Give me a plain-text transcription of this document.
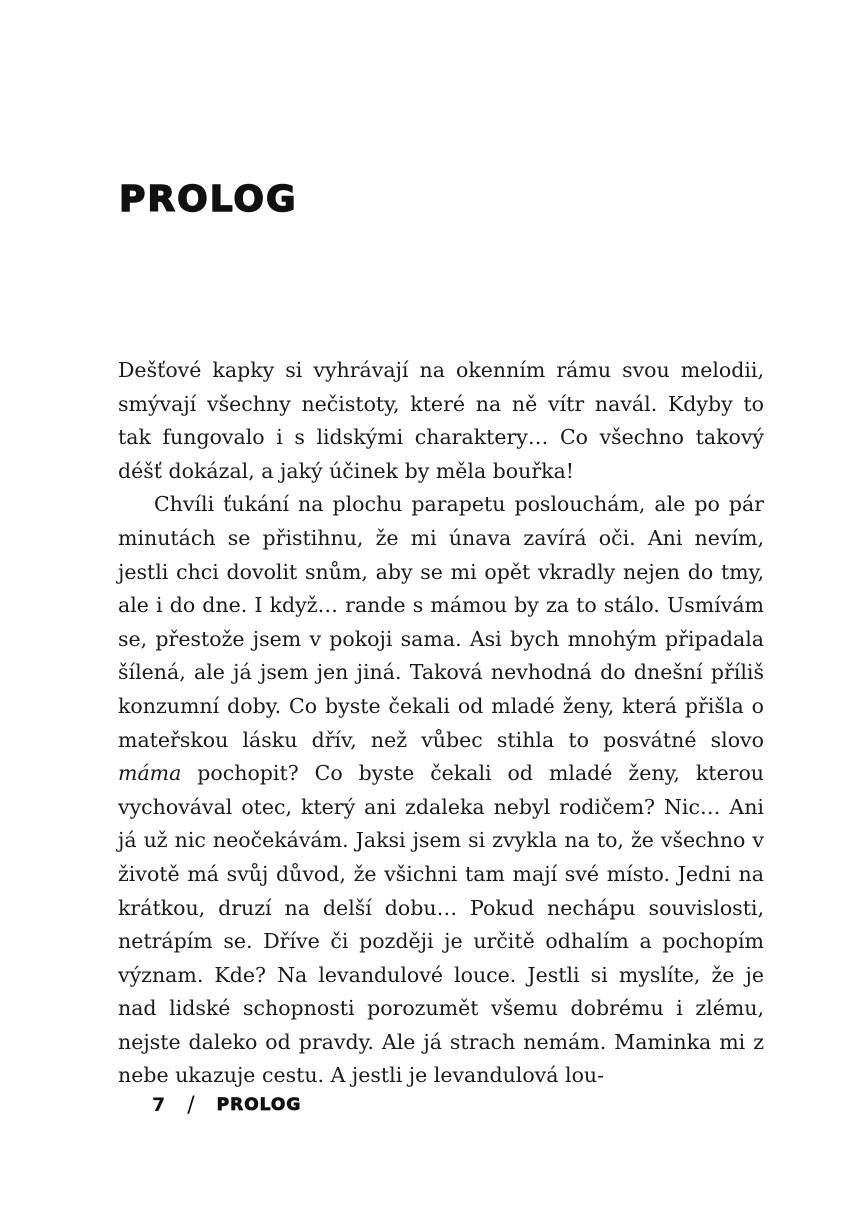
PROLOG

Dešťové kapky si vyhrávají na okenním rámu svou melodii, smývají všechny nečistoty, které na ně vítr navál. Kdyby to tak fungovalo i s lidskými charaktery… Co všechno takový déšť dokázal, a jaký účinek by měla bouřka!

Chvíli ťukání na plochu parapetu poslouchám, ale po pár minutách se přistihnu, že mi únava zavírá oči. Ani nevím, jestli chci dovolit snům, aby se mi opět vkradly nejen do tmy, ale i do dne. I když… rande s mámou by za to stálo. Usmívám se, přestože jsem v pokoji sama. Asi bych mnohým připadala šílená, ale já jsem jen jiná. Taková nevhodná do dnešní příliš konzumní doby. Co byste čekali od mladé ženy, která přišla o mateřskou lásku dřív, než vůbec stihla to posvátné slovo máma pochopit? Co byste čekali od mladé ženy, kterou vychovával otec, který ani zdaleka nebyl rodičem? Nic… Ani já už nic neočekávám. Jaksi jsem si zvykla na to, že všechno v životě má svůj důvod, že všichni tam mají své místo. Jedni na krátkou, druzí na delší dobu… Pokud nechápu souvislosti, netrápím se. Dříve či později je určitě odhalím a pochopím význam. Kde? Na levandulové louce. Jestli si myslíte, že je nad lidské schopnosti porozumět všemu dobrému i zlému, nejste daleko od pravdy. Ale já strach nemám. Maminka mi z nebe ukazuje cestu. A jestli je levandulová lou-

7 / PROLOG
